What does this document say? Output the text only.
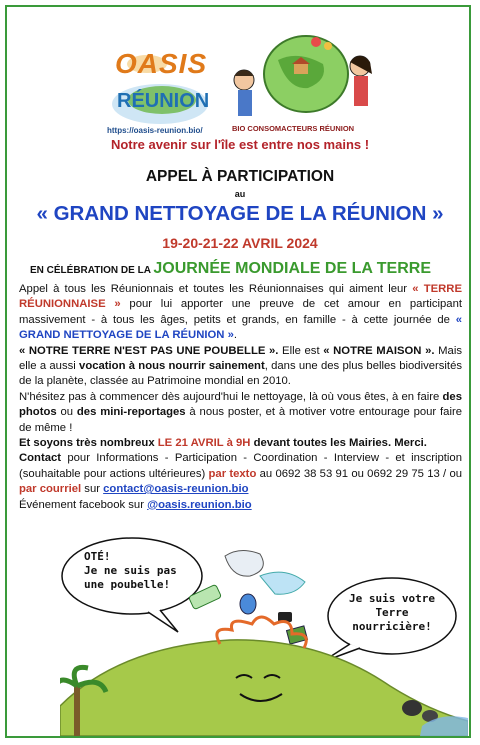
OASIS
RÉUNION
https://oasis-reunion.bio/	BIO CONSOMACTEURS RÉUNION
Notre avenir sur l'île est entre nos mains !
APPEL À PARTICIPATION
au
« GRAND NETTOYAGE DE LA RÉUNION »
19-20-21-22 AVRIL 2024
EN CÉLÉBRATION DE LA JOURNÉE MONDIALE DE LA TERRE

Appel à tous les Réunionnais et toutes les Réunionnaises qui aiment leur « TERRE RÉUNIONNAISE » pour lui apporter une preuve de cet amour en participant massivement - à tous les âges, petits et grands, en famille - à cette journée de « GRAND NETTOYAGE DE LA RÉUNION ».

« NOTRE TERRE N'EST PAS UNE POUBELLE ». Elle est « NOTRE MAISON ». Mais elle a aussi vocation à nous nourrir sainement, dans une des plus belles biodiversités de la planète, classée au Patrimoine mondial en 2010.

N'hésitez pas à commencer dès aujourd'hui le nettoyage, là où vous êtes, à en faire des photos ou des mini-reportages à nous poster, et à motiver votre entourage pour faire de même !

Et soyons très nombreux LE 21 AVRIL à 9H devant toutes les Mairies. Merci.

Contact pour Informations - Participation - Coordination - Interview - et inscription (souhaitable pour actions ultérieures) par texto au 0692 38 53 91 ou 0692 29 75 13 / ou par courriel sur contact@oasis-reunion.bio

Événement facebook sur @oasis.reunion.bio

OTÉ!
Je ne suis pas
une poubelle!
Je suis votre
Terre
nourricière!
